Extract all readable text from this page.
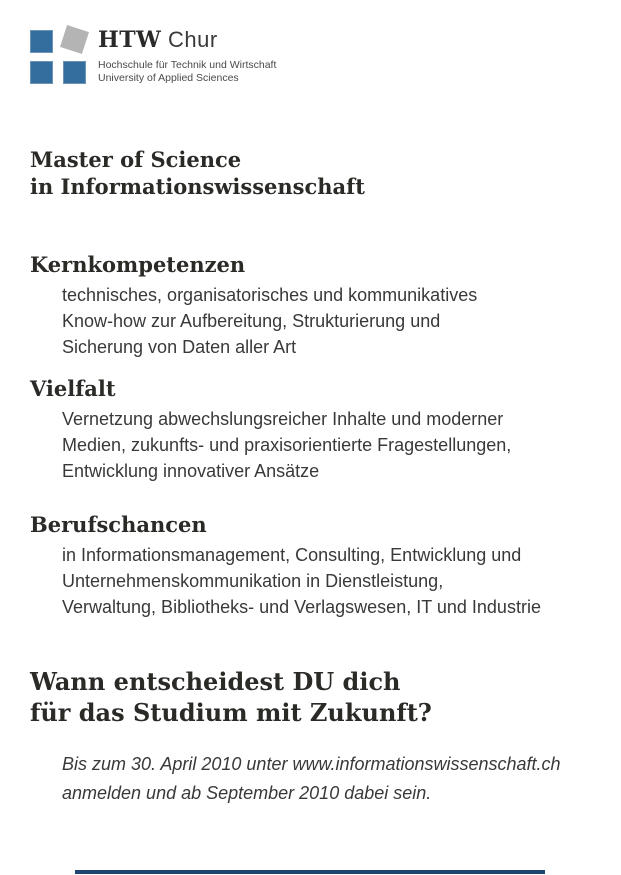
HTW Chur
Hochschule für Technik und Wirtschaft
University of Applied Sciences
Master of Science
in Informationswissenschaft
Kernkompetenzen
technisches, organisatorisches und kommunikatives
Know-how zur Aufbereitung, Strukturierung und
Sicherung von Daten aller Art
Vielfalt
Vernetzung abwechslungsreicher Inhalte und moderner
Medien, zukunfts- und praxisorientierte Fragestellungen,
Entwicklung innovativer Ansätze
Berufschancen
in Informationsmanagement, Consulting, Entwicklung und
Unternehmenskommunikation in Dienstleistung,
Verwaltung, Bibliotheks- und Verlagswesen, IT und Industrie
Wann entscheidest DU dich
für das Studium mit Zukunft?
Bis zum 30. April 2010 unter www.informationswissenschaft.ch
anmelden und ab September 2010 dabei sein.
